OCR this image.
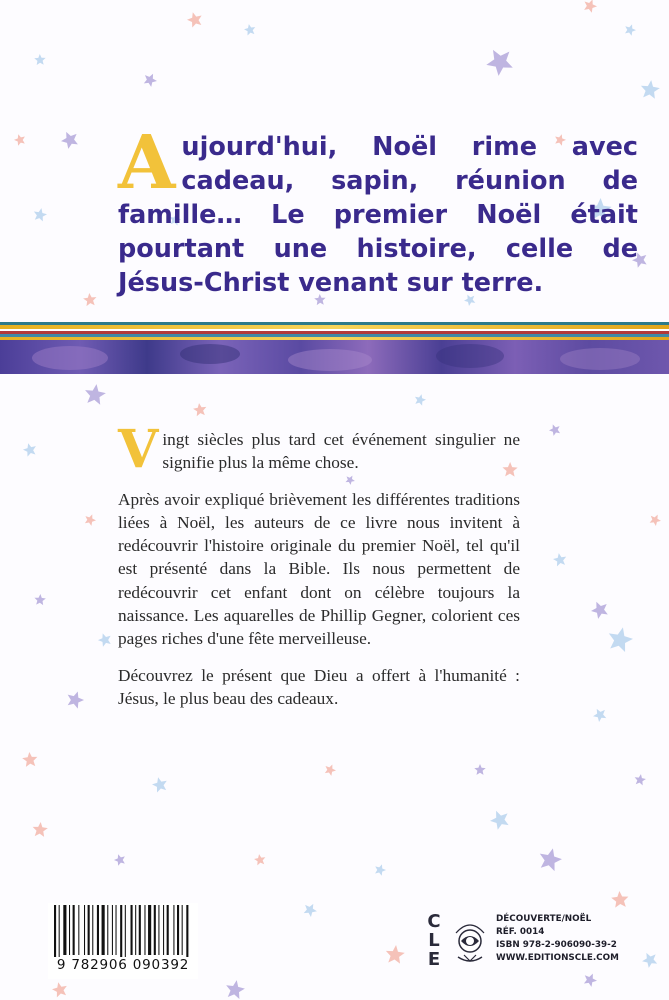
A ujourd'hui, Noël rime avec cadeau, sapin, réunion de famille… Le premier Noël était pourtant une histoire, celle de Jésus-Christ venant sur terre.

V ingt siècles plus tard cet événement singulier ne signifie plus la même chose.

Après avoir expliqué brièvement les différentes traditions liées à Noël, les auteurs de ce livre nous invitent à redécouvrir l'histoire originale du premier Noël, tel qu'il est présenté dans la Bible. Ils nous permettent de redécouvrir cet enfant dont on célèbre toujours la naissance. Les aquarelles de Phillip Gegner, colorient ces pages riches d'une fête merveilleuse.

Découvrez le présent que Dieu a offert à l'humanité : Jésus, le plus beau des cadeaux.

9 782906 090392
C
L
E
DÉCOUVERTE/NOËL
RÉF. 0014
ISBN 978-2-906090-39-2
WWW.EDITIONSCLE.COM
